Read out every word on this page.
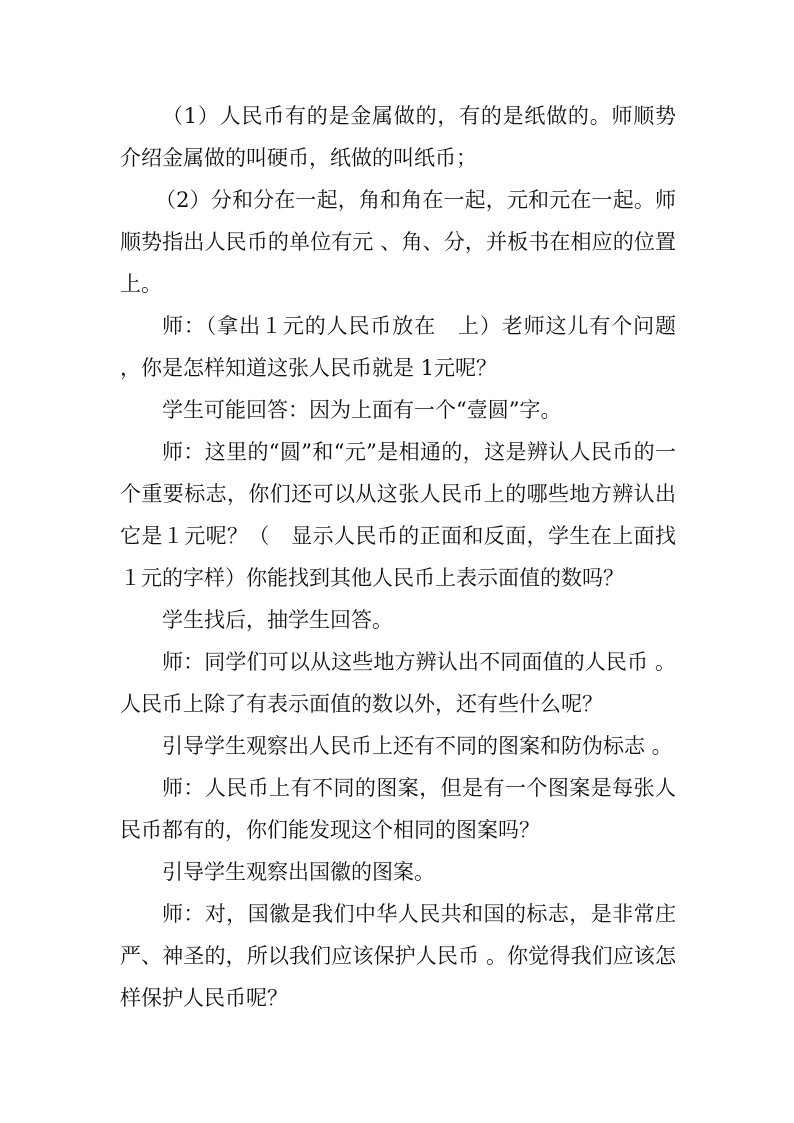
（1）人民币有的是金属做的，有的是纸做的。师顺势介绍金属做的叫硬币，纸做的叫纸币；

（2）分和分在一起，角和角在一起，元和元在一起。师顺势指出人民币的单位有元 、角、分，并板书在相应的位置上。

师：（拿出１元的人民币放在　上）老师这儿有个问题，你是怎样知道这张人民币就是 1元呢？

学生可能回答：因为上面有一个“壹圆”字。

师：这里的“圆”和“元”是相通的，这是辨认人民币的一个重要标志，你们还可以从这张人民币上的哪些地方辨认出它是１元呢？（　显示人民币的正面和反面，学生在上面找１元的字样）你能找到其他人民币上表示面值的数吗？

学生找后，抽学生回答。

师：同学们可以从这些地方辨认出不同面值的人民币 。人民币上除了有表示面值的数以外，还有些什么呢？

引导学生观察出人民币上还有不同的图案和防伪标志 。

师：人民币上有不同的图案，但是有一个图案是每张人民币都有的，你们能发现这个相同的图案吗？

引导学生观察出国徽的图案。

师：对，国徽是我们中华人民共和国的标志，是非常庄严、神圣的，所以我们应该保护人民币 。你觉得我们应该怎样保护人民币呢？
